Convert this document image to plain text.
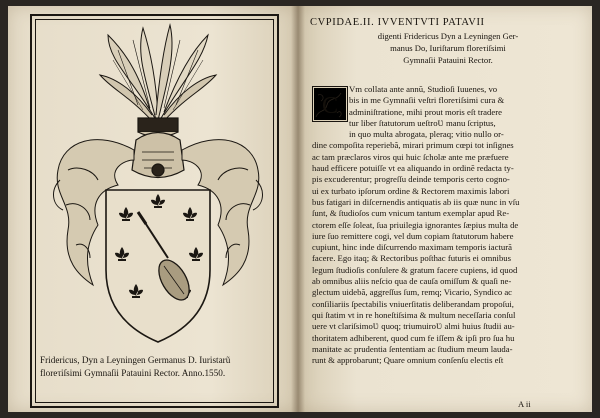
Fridericus, Dyn a Leyningen Germanus D. Iuristarũ
floreτiſsimi Gymnaſii Patauini Rector. Anno.1550.
CVPIDAE.II. IVVENTVTI PATAVII
digenti Fridericus Dyn a Leyningen Ger-
manus Do, Iuriſtarum floreτiſsimi
Gymnaſii Patauini Rector.
C
Vm collata ante annũ, Studioſi Iuuenes, vo
bis in me Gymnaſii veſtri floreτiſsimi cura &
adminiſtratione, mihi prout moris eſt tradere
tur liber ſtatutorum ueſtroƲ manu ſcriptus,
in quo multa abrogata, pleraq; vitio nullo or-
dine compoſita reperiebã, mirari primum cœpi tot inſignes
ac tam præclaros viros qui huic ſcholæ ante me præfuere
haud efficere potuiſſe vt ea aliquando in ordinẽ redacta ty-
pis excuderentur; progreſſu deinde temporis certo cogno-
ui ex turbato ipſorum ordine & Rectorem maximis labori
bus fatigari in diſcernendis antiquatis ab iis quæ nunc in vſu
ſunt, & ſtudioſos cum vnicum tantum exemplar apud Re-
ctorem eſſe ſoleat, ſua priuilegia ignorantes ſæpius multa de
iure ſuo remittere cogi, vel dum copiam ſtatutorum habere
cupiunt, hinc inde diſcurrendo maximam temporis iacturã
facere. Ego itaq; & Rectoribus poſthac futuris ei omnibus
legum ſtudioſis conſulere & gratum facere cupiens, id quod
ab omnibus aliis neſcio qua de cauſa omiſſum & quaſi ne-
glectum uidebã, aggreſſus ſum, remq; Vicario, Syndico ac
conſiliariis ſpectabilis vniuerſitatis deliberandam propoſui,
qui ſtatim vt in re honeſtiſsima & multum neceſſaria conſul
uere vt clariſsimoƲ quoq; triumuiroƲ almi huius ſtudii au-
thoritatem adhiberent, quod cum fe iſſem & ipſi pro ſua hu
manitate ac prudentia ſententiam ac ſtudium meum lauda-
runt & approbarunt; Quare omnium conſenſu electis eſt
A ii
